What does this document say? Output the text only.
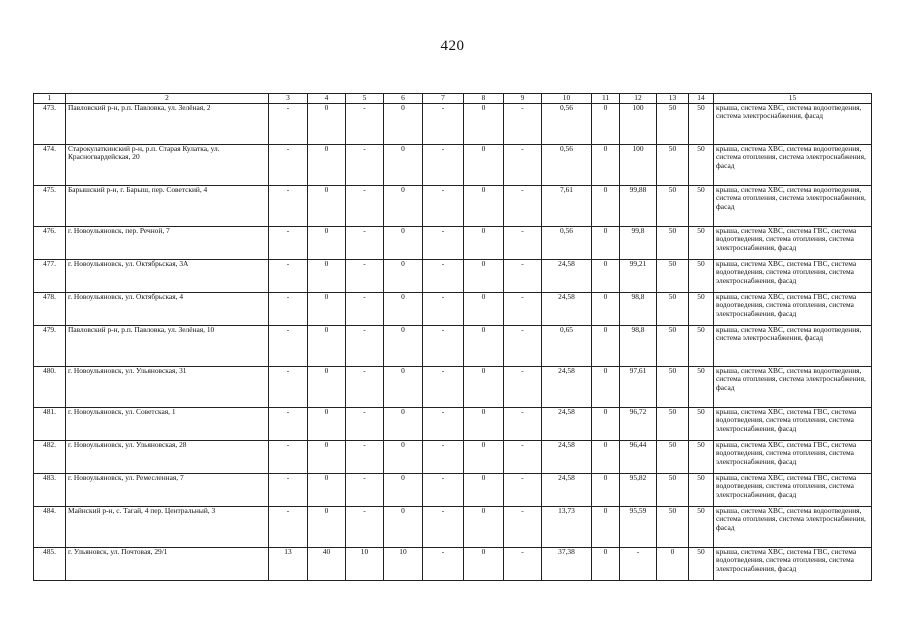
420
1	2	3	4	5	6	7	8	9	10	11	12	13	14	15
473.	Павловский р-н, р.п. Павловка, ул. Зелёная, 2	-	0	-	0	-	0	-	0,56	0	100	50	50	крыша, система ХВС, система водоотведения, система электроснабжения, фасад
474.	Старокулаткинский р-н, р.п. Старая Кулатка, ул. Красногвардейская, 20	-	0	-	0	-	0	-	0,56	0	100	50	50	крыша, система ХВС, система водоотведения, система отопления, система электроснабжения, фасад
475.	Барышский р-н, г. Барыш, пер. Советский, 4	-	0	-	0	-	0	-	7,61	0	99,88	50	50	крыша, система ХВС, система водоотведения, система отопления, система электроснабжения, фасад
476.	г. Новоульяновск, пер. Речной, 7	-	0	-	0	-	0	-	0,56	0	99,8	50	50	крыша, система ХВС, система ГВС, система водоотведения, система отопления, система электроснабжения, фасад
477.	г. Новоульяновск, ул. Октябрьская, 3А	-	0	-	0	-	0	-	24,58	0	99,21	50	50	крыша, система ХВС, система ГВС, система водоотведения, система отопления, система электроснабжения, фасад
478.	г. Новоульяновск, ул. Октябрьская, 4	-	0	-	0	-	0	-	24,58	0	98,8	50	50	крыша, система ХВС, система ГВС, система водоотведения, система отопления, система электроснабжения, фасад
479.	Павловский р-н, р.п. Павловка, ул. Зелёная, 10	-	0	-	0	-	0	-	0,65	0	98,8	50	50	крыша, система ХВС, система водоотведения, система электроснабжения, фасад
480.	г. Новоульяновск, ул. Ульяновская, 31	-	0	-	0	-	0	-	24,58	0	97,61	50	50	крыша, система ХВС, система водоотведения, система отопления, система электроснабжения, фасад
481.	г. Новоульяновск, ул. Советская, 1	-	0	-	0	-	0	-	24,58	0	96,72	50	50	крыша, система ХВС, система ГВС, система водоотведения, система отопления, система электроснабжения, фасад
482.	г. Новоульяновск, ул. Ульяновская, 28	-	0	-	0	-	0	-	24,58	0	96,44	50	50	крыша, система ХВС, система ГВС, система водоотведения, система отопления, система электроснабжения, фасад
483.	г. Новоульяновск, ул. Ремесленная, 7	-	0	-	0	-	0	-	24,58	0	95,82	50	50	крыша, система ХВС, система ГВС, система водоотведения, система отопления, система электроснабжения, фасад
484.	Майнский р-н, с. Тагай, 4 пер. Центральный, 3	-	0	-	0	-	0	-	13,73	0	95,59	50	50	крыша, система ХВС, система водоотведения, система отопления, система электроснабжения, фасад
485.	г. Ульяновск, ул. Почтовая, 29/1	13	40	10	10	-	0	-	37,38	0	-	0	50	крыша, система ХВС, система ГВС, система водоотведения, система отопления, система электроснабжения, фасад
